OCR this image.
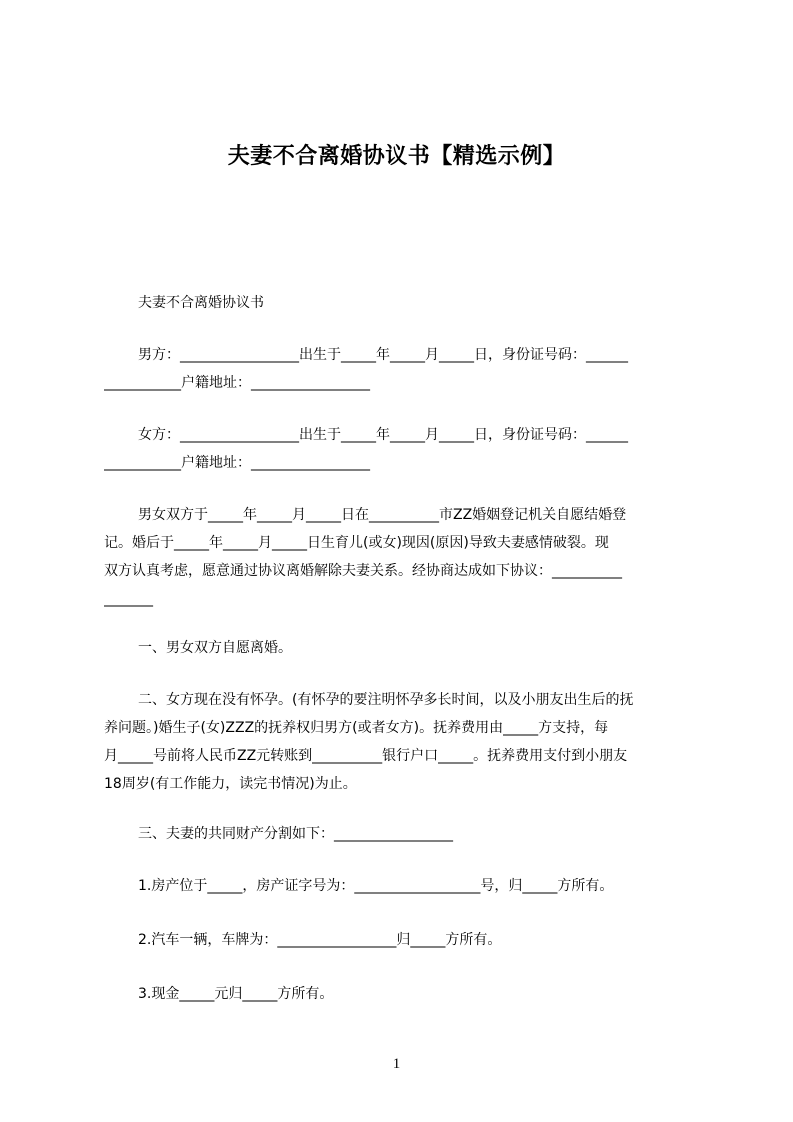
夫妻不合离婚协议书【精选示例】

夫妻不合离婚协议书

男方：_________________出生于_____年_____月_____日，身份证号码：______
___________户籍地址：_________________
女方：_________________出生于_____年_____月_____日，身份证号码：______
___________户籍地址：_________________
男女双方于_____年_____月_____日在__________市ZZ婚姻登记机关自愿结婚登
记。婚后于_____年_____月_____日生育儿(或女)现因(原因)导致夫妻感情破裂。现
双方认真考虑，愿意通过协议离婚解除夫妻关系。经协商达成如下协议：__________
_______

一、男女双方自愿离婚。

二、女方现在没有怀孕。(有怀孕的要注明怀孕多长时间，以及小朋友出生后的抚
养问题。)婚生子(女)ZZZ的抚养权归男方(或者女方)。抚养费用由_____方支持，每
月_____号前将人民币ZZ元转账到__________银行户口_____。抚养费用支付到小朋友
18周岁(有工作能力，读完书情况)为止。

三、夫妻的共同财产分割如下：_________________

1.房产位于_____，房产证字号为：__________________号，归_____方所有。

2.汽车一辆，车牌为：_________________归_____方所有。

3.现金_____元归_____方所有。

1
